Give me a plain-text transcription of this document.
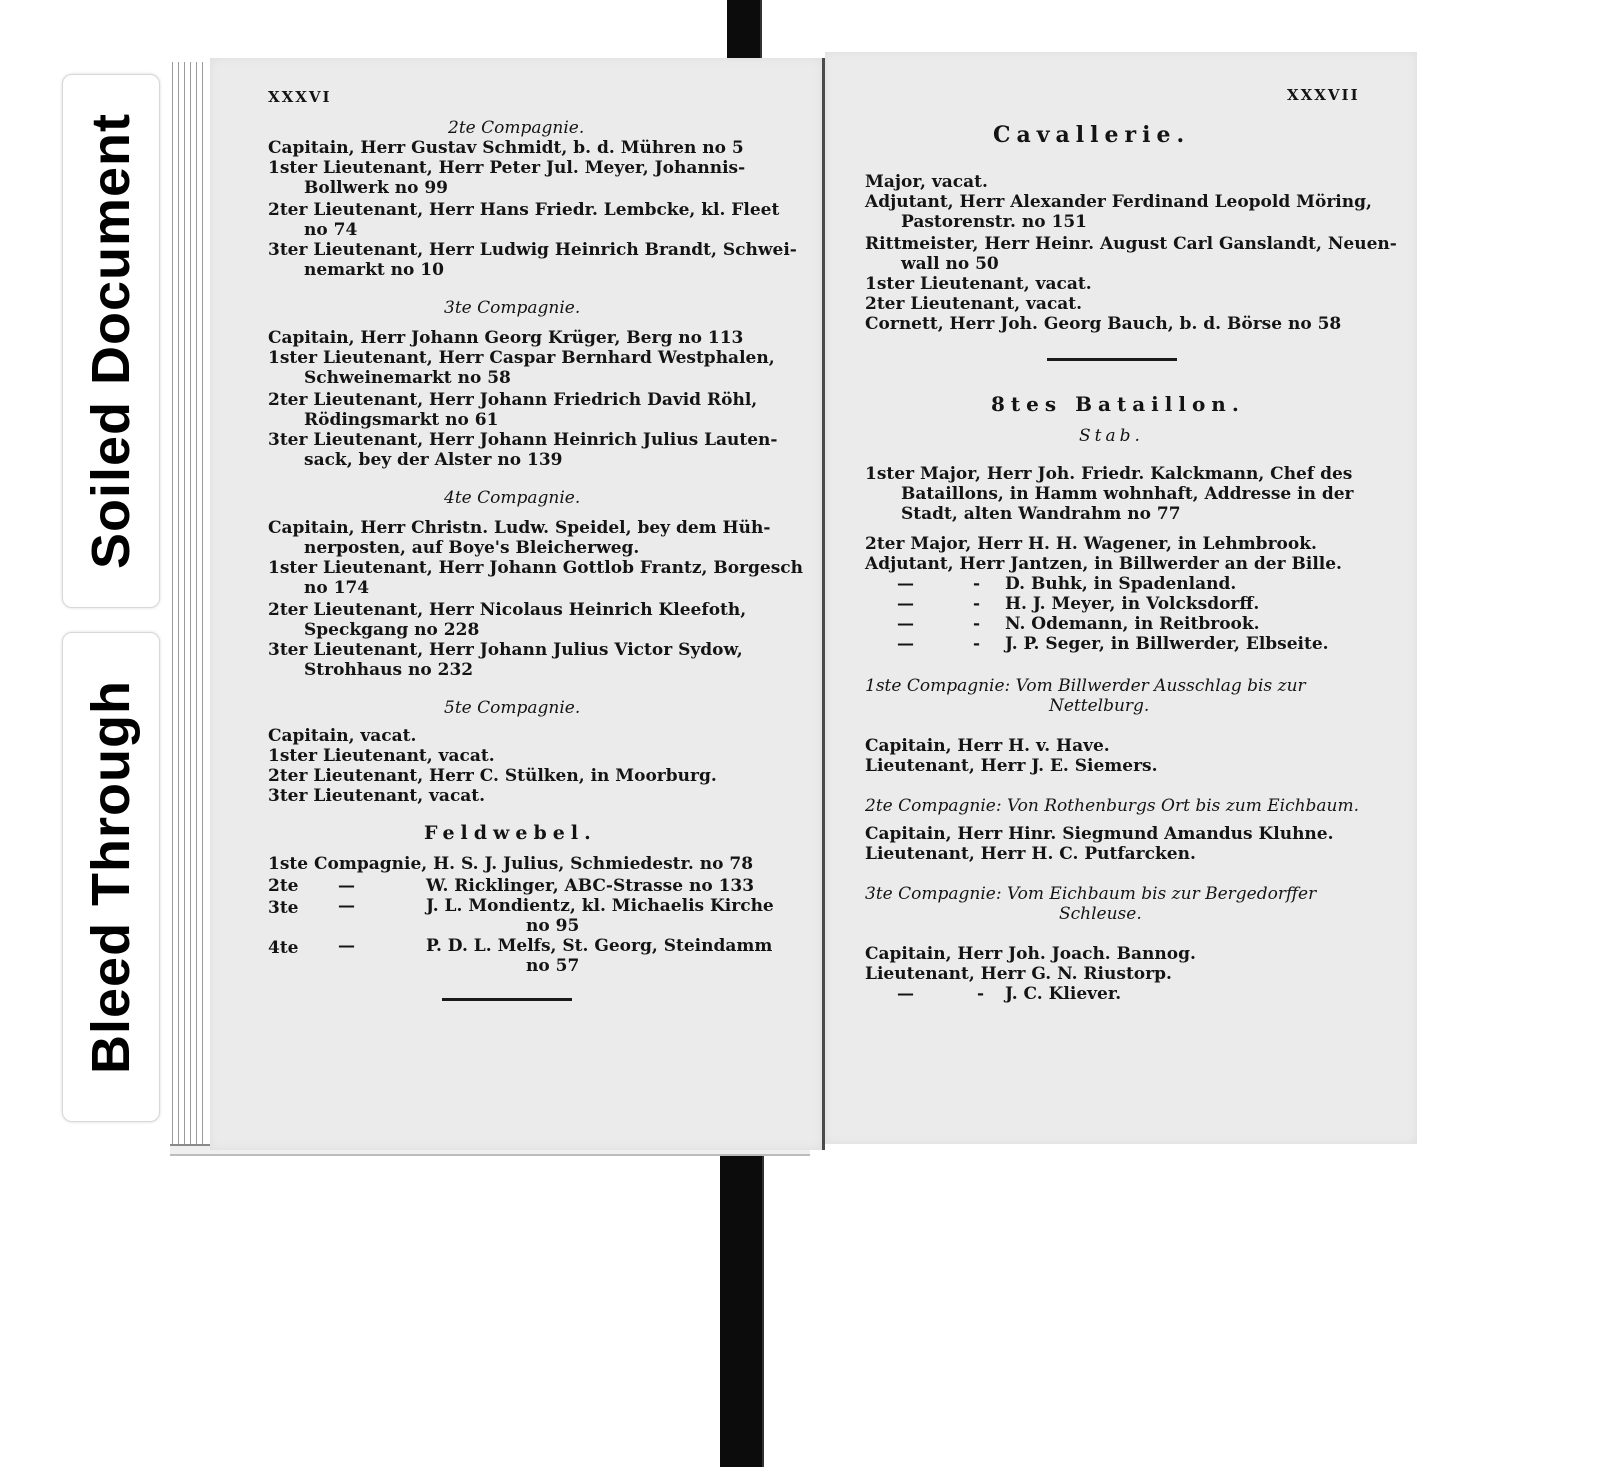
Soiled Document
Bleed Through
XXXVI
2te Compagnie.
Capitain, Herr Gustav Schmidt, b. d. Mühren no 5
1ster Lieutenant, Herr Peter Jul. Meyer, Johannis-
Bollwerk no 99
2ter Lieutenant, Herr Hans Friedr. Lembcke, kl. Fleet
no 74
3ter Lieutenant, Herr Ludwig Heinrich Brandt, Schwei-
nemarkt no 10
3te Compagnie.
Capitain, Herr Johann Georg Krüger, Berg no 113
1ster Lieutenant, Herr Caspar Bernhard Westphalen,
Schweinemarkt no 58
2ter Lieutenant, Herr Johann Friedrich David Röhl,
Rödingsmarkt no 61
3ter Lieutenant, Herr Johann Heinrich Julius Lauten-
sack, bey der Alster no 139
4te Compagnie.
Capitain, Herr Christn. Ludw. Speidel, bey dem Hüh-
nerposten, auf Boye's Bleicherweg.
1ster Lieutenant, Herr Johann Gottlob Frantz, Borgesch
no 174
2ter Lieutenant, Herr Nicolaus Heinrich Kleefoth,
Speckgang no 228
3ter Lieutenant, Herr Johann Julius Victor Sydow,
Strohhaus no 232
5te Compagnie.
Capitain, vacat.
1ster Lieutenant, vacat.
2ter Lieutenant, Herr C. Stülken, in Moorburg.
3ter Lieutenant, vacat.
Feldwebel.
1ste Compagnie, H. S. J. Julius, Schmiedestr. no 78
2te —	W. Ricklinger, ABC-Strasse no 133
3te —	J. L. Mondientz, kl. Michaelis Kirche
no 95
4te —	P. D. L. Melfs, St. Georg, Steindamm
no 57
XXXVII
Cavallerie.
Major, vacat.
Adjutant, Herr Alexander Ferdinand Leopold Möring,
Pastorenstr. no 151
Rittmeister, Herr Heinr. August Carl Ganslandt, Neuen-
wall no 50
1ster Lieutenant, vacat.
2ter Lieutenant, vacat.
Cornett, Herr Joh. Georg Bauch, b. d. Börse no 58
8tes Bataillon.
Stab.
1ster Major, Herr Joh. Friedr. Kalckmann, Chef des
Bataillons, in Hamm wohnhaft, Addresse in der
Stadt, alten Wandrahm no 77
2ter Major, Herr H. H. Wagener, in Lehmbrook.
Adjutant, Herr Jantzen, in Billwerder an der Bille.
—	- D. Buhk, in Spadenland.
—	- H. J. Meyer, in Volcksdorff.
—	- N. Odemann, in Reitbrook.
—	- J. P. Seger, in Billwerder, Elbseite.
1ste Compagnie: Vom Billwerder Ausschlag bis zur
Nettelburg.
Capitain, Herr H. v. Have.
Lieutenant, Herr J. E. Siemers.
2te Compagnie: Von Rothenburgs Ort bis zum Eichbaum.
Capitain, Herr Hinr. Siegmund Amandus Kluhne.
Lieutenant, Herr H. C. Putfarcken.
3te Compagnie: Vom Eichbaum bis zur Bergedorffer
Schleuse.
Capitain, Herr Joh. Joach. Bannog.
Lieutenant, Herr G. N. Riustorp.
—	- J. C. Kliever.
